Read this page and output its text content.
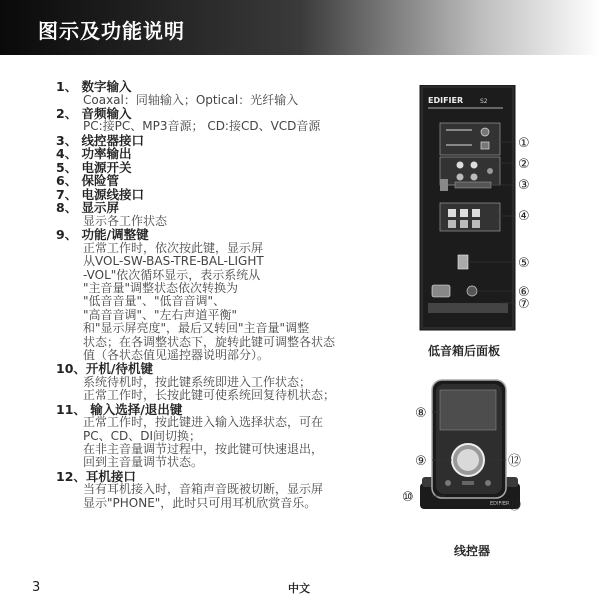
图示及功能说明
1、 数字输入
Coaxal：同轴输入；Optical：光纤输入
2、 音频输入
PC:接PC、MP3音源； CD:接CD、VCD音源
3、 线控器接口
4、 功率输出
5、 电源开关
6、 保险管
7、 电源线接口
8、 显示屏
显示各工作状态
9、 功能/调整键
正常工作时，依次按此键，显示屏
从VOL-SW-BAS-TRE-BAL-LIGHT
-VOL"依次循环显示，表示系统从
"主音量"调整状态依次转换为
"低音音量"、"低音音调"、
"高音音调"、"左右声道平衡"
和"显示屏亮度"，最后又转回"主音量"调整
状态；在各调整状态下，旋转此键可调整各状态
值（各状态值见遥控器说明部分）。
10、开机/待机键
系统待机时，按此键系统即进入工作状态；
正常工作时，长按此键可使系统回复待机状态；
11、 输入选择/退出键
正常工作时，按此键进入输入选择状态，可在
PC、CD、DI间切换；
在非主音量调节过程中，按此键可快速退出，
回到主音量调节状态。
12、耳机接口
当有耳机接入时，音箱声音既被切断，显示屏
显示"PHONE"，此时只可用耳机欣赏音乐。
EDIFIER	S2
①
②
③
④
⑤
⑥
⑦
低音箱后面板
EDIFIER
⑧
⑨
⑩
⑪
⑫
线控器
3	中文
